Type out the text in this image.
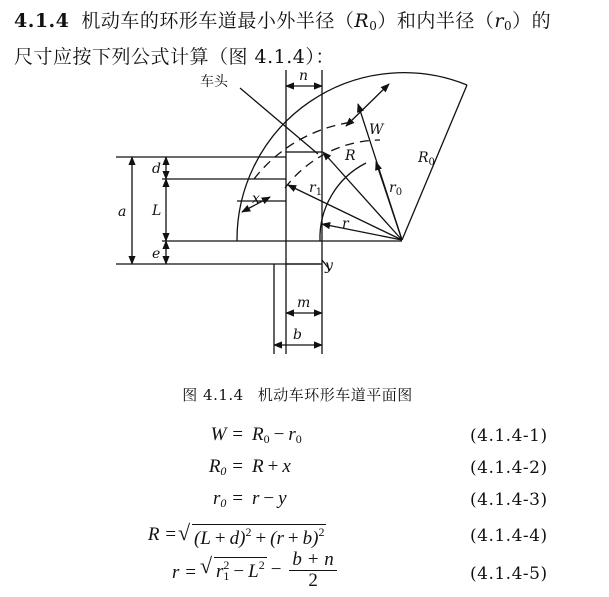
4.1.4 机动车的环形车道最小外半径$(R_0)$和内半径$(r_0)$的
尺寸应按下列公式计算（图 4.1.4）：
车头	n
W
R	$R_0$
$r_1$	$r_0$
r
x
y
a
d
L
e
m
b
图 4.1.4 机动车环形车道平面图
$W = R_0 - r_0$	(4.1.4-1)
$R_0 = R + x$	(4.1.4-2)
$r_0 = r - y$	(4.1.4-3)
R = √ $(L + d)^2 + (r + b)^2$	(4.1.4-4)
r = √ $r_1^2 - L^2 - \frac{b + n}{2}$	(4.1.4-5)
